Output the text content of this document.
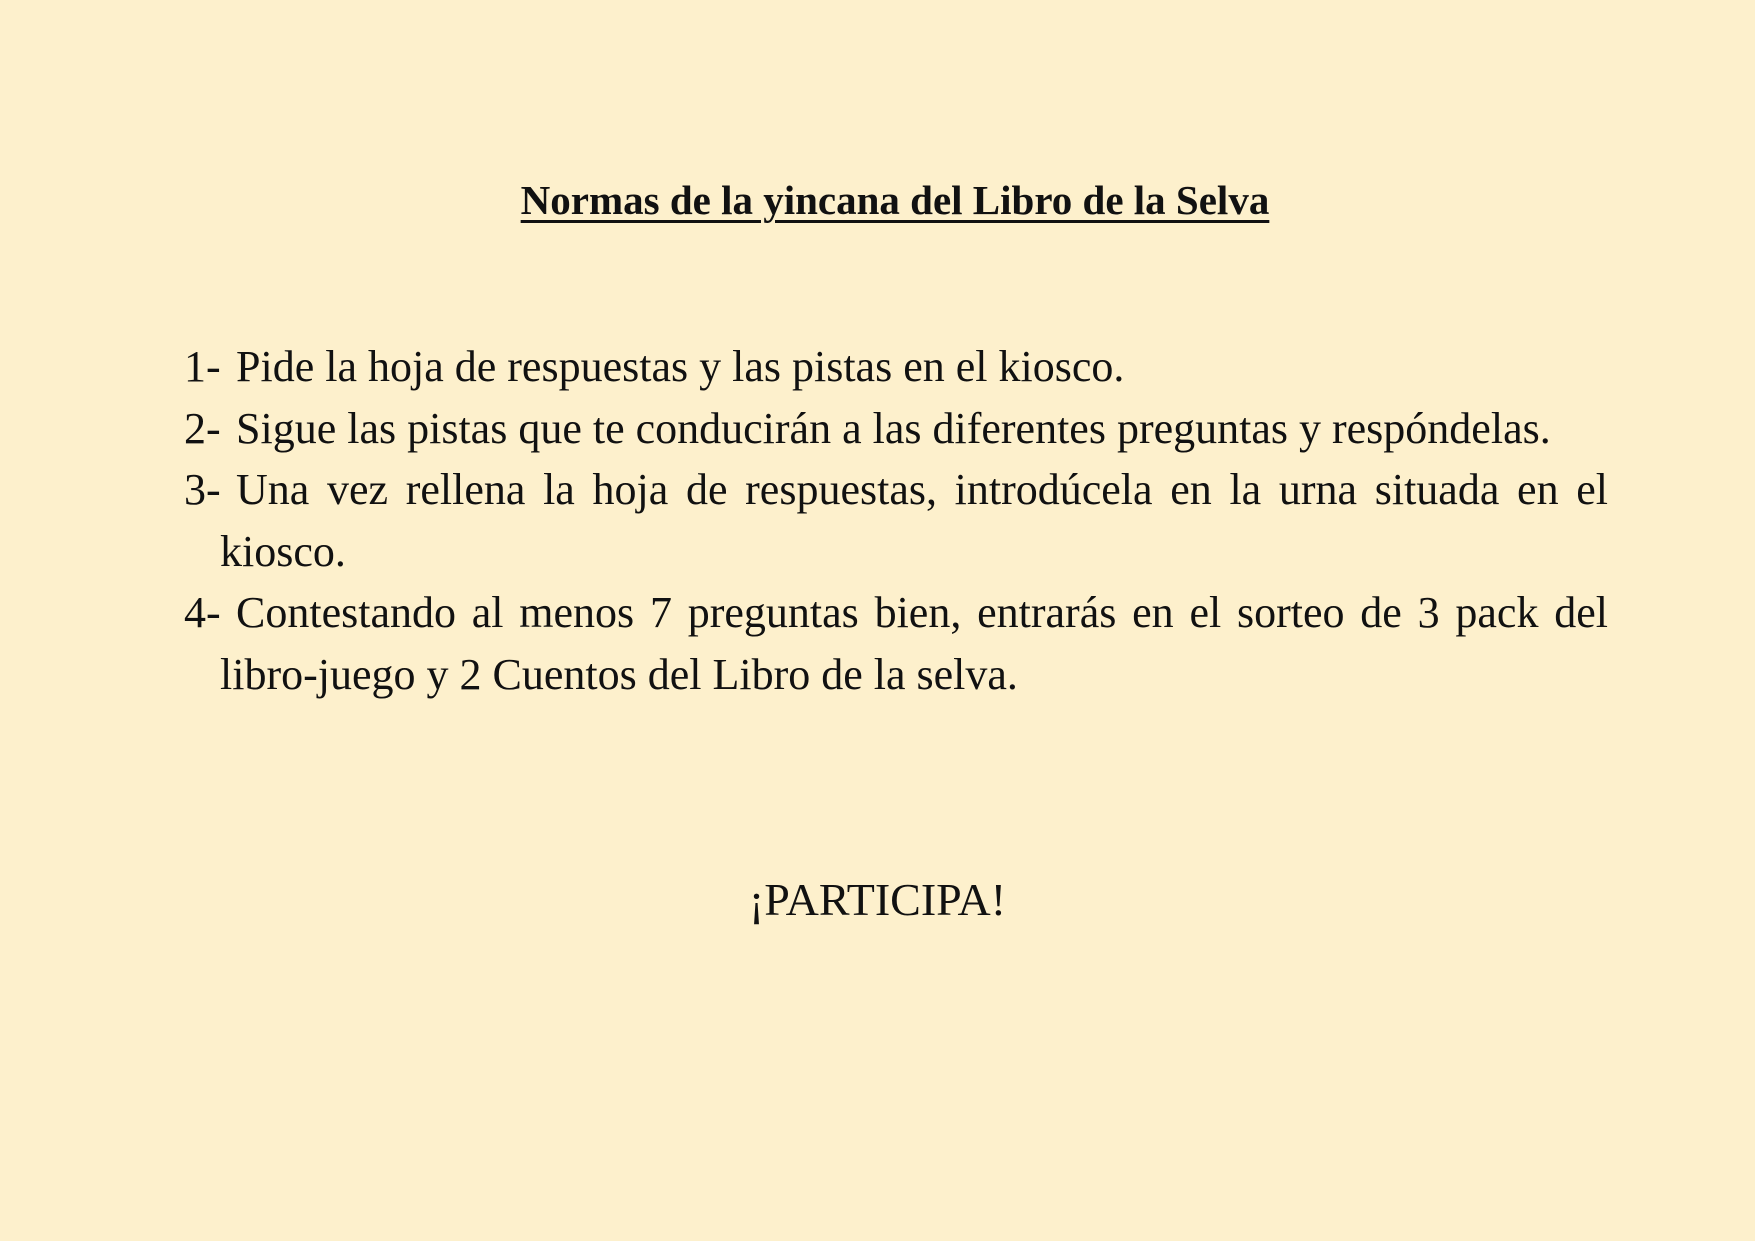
Normas de la yincana del Libro de la Selva
1- Pide la hoja de respuestas y las pistas en el kiosco.
2- Sigue las pistas que te conducirán a las diferentes preguntas y respóndelas.
3- Una vez rellena la hoja de respuestas, introdúcela en la urna situada en el kiosco.
4- Contestando al menos 7 preguntas bien, entrarás en el sorteo de 3 pack del libro-juego y 2 Cuentos del Libro de la selva.
¡PARTICIPA!
